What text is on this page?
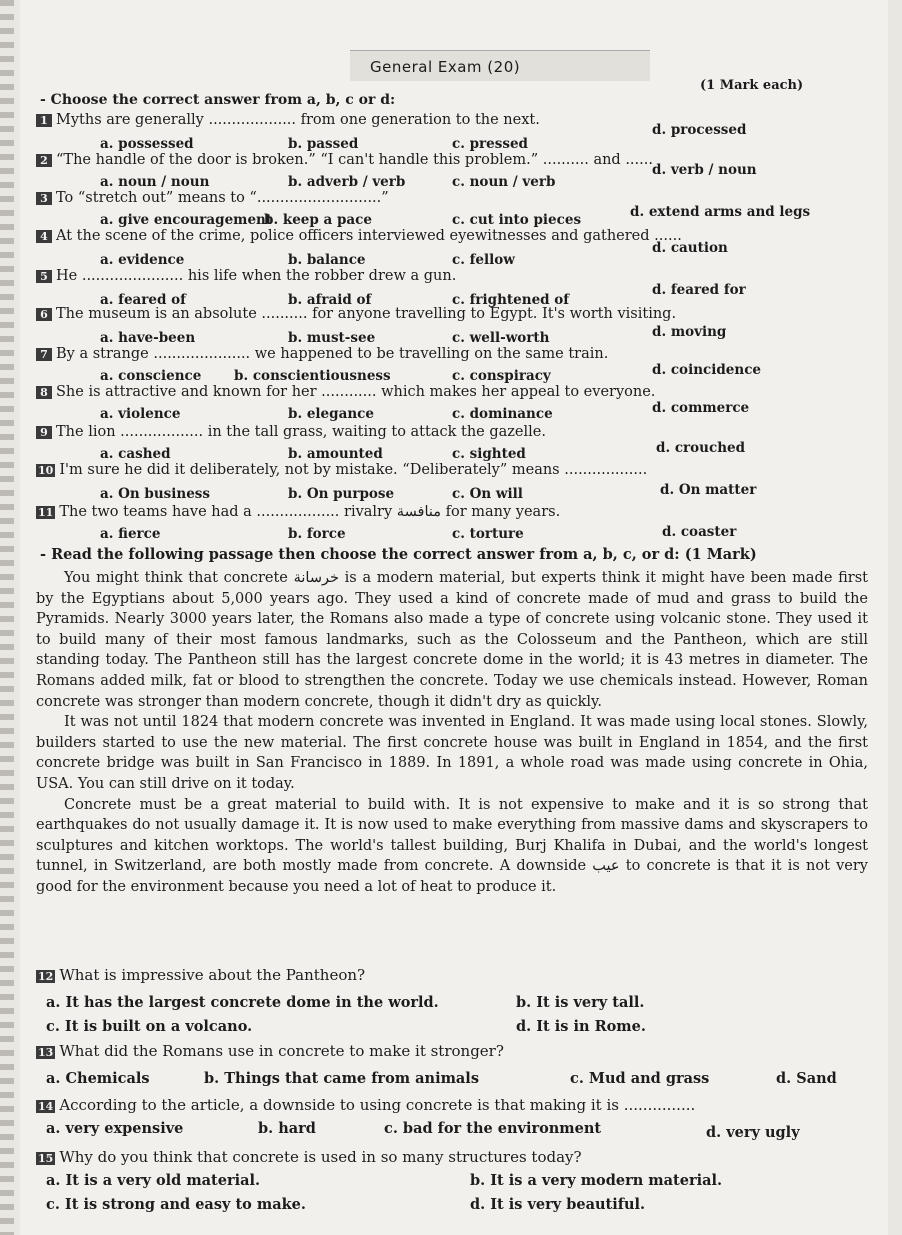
General Exam (20)
(1 Mark each)
- Choose the correct answer from a, b, c or d:
1 Myths are generally ................... from one generation to the next.
a. possessed	b. passed	c. pressed
d. processed
2 “The handle of the door is broken.” “I can't handle this problem.” .......... and ......
a. noun / noun	b. adverb / verb	c. noun / verb
d. verb / noun
3 To “stretch out” means to “...........................”
a. give encouragement
b. keep a pace	c. cut into pieces	d. extend arms and legs
4 At the scene of the crime, police officers interviewed eyewitnesses and gathered ......
a. evidence	b. balance	c. fellow
d. caution
5 He ...................... his life when the robber drew a gun.
a. feared of	b. afraid of	c. frightened of
d. feared for
6 The museum is an absolute .......... for anyone travelling to Egypt. It's worth visiting.
a. have-been	b. must-see	c. well-worth	d. moving
7 By a strange ..................... we happened to be travelling on the same train.
a. conscience b. conscientiousness	c. conspiracy	d. coincidence
8 She is attractive and known for her ............ which makes her appeal to everyone.
a. violence	b. elegance	c. dominance	d. commerce
9 The lion .................. in the tall grass, waiting to attack the gazelle.
a. cashed	b. amounted	c. sighted	d. crouched
10 I'm sure he did it deliberately, not by mistake. “Deliberately” means ..................
a. On business	b. On purpose	c. On will	d. On matter
11 The two teams have had a .................. rivalry منافسة for many years.
a. fierce	b. force	c. torture	d. coaster
- Read the following passage then choose the correct answer from a, b, c, or d: (1 Mark)

You might think that concrete خرسانة is a modern material, but experts think it might have been made first by the Egyptians about 5,000 years ago. They used a kind of concrete made of mud and grass to build the Pyramids. Nearly 3000 years later, the Romans also made a type of concrete using volcanic stone. They used it to build many of their most famous landmarks, such as the Colosseum and the Pantheon, which are still standing today. The Pantheon still has the largest concrete dome in the world; it is 43 metres in diameter. The Romans added milk, fat or blood to strengthen the concrete. Today we use chemicals instead. However, Roman concrete was stronger than modern concrete, though it didn't dry as quickly.

It was not until 1824 that modern concrete was invented in England. It was made using local stones. Slowly, builders started to use the new material. The first concrete house was built in England in 1854, and the first concrete bridge was built in San Francisco in 1889. In 1891, a whole road was made using concrete in Ohia, USA. You can still drive on it today.

Concrete must be a great material to build with. It is not expensive to make and it is so strong that earthquakes do not usually damage it. It is now used to make everything from massive dams and skyscrapers to sculptures and kitchen worktops. The world's tallest building, Burj Khalifa in Dubai, and the world's longest tunnel, in Switzerland, are both mostly made from concrete. A downside عيب to concrete is that it is not very good for the environment because you need a lot of heat to produce it.

12 What is impressive about the Pantheon?
a. It has the largest concrete dome in the world.	b. It is very tall.
c. It is built on a volcano.	d. It is in Rome.
13 What did the Romans use in concrete to make it stronger?
a. Chemicals	b. Things that came from animals	c. Mud and grass	d. Sand
14 According to the article, a downside to using concrete is that making it is ...............
a. very expensive	b. hard	c. bad for the environment	d. very ugly
15 Why do you think that concrete is used in so many structures today?
a. It is a very old material.	b. It is a very modern material.
c. It is strong and easy to make.	d. It is very beautiful.
